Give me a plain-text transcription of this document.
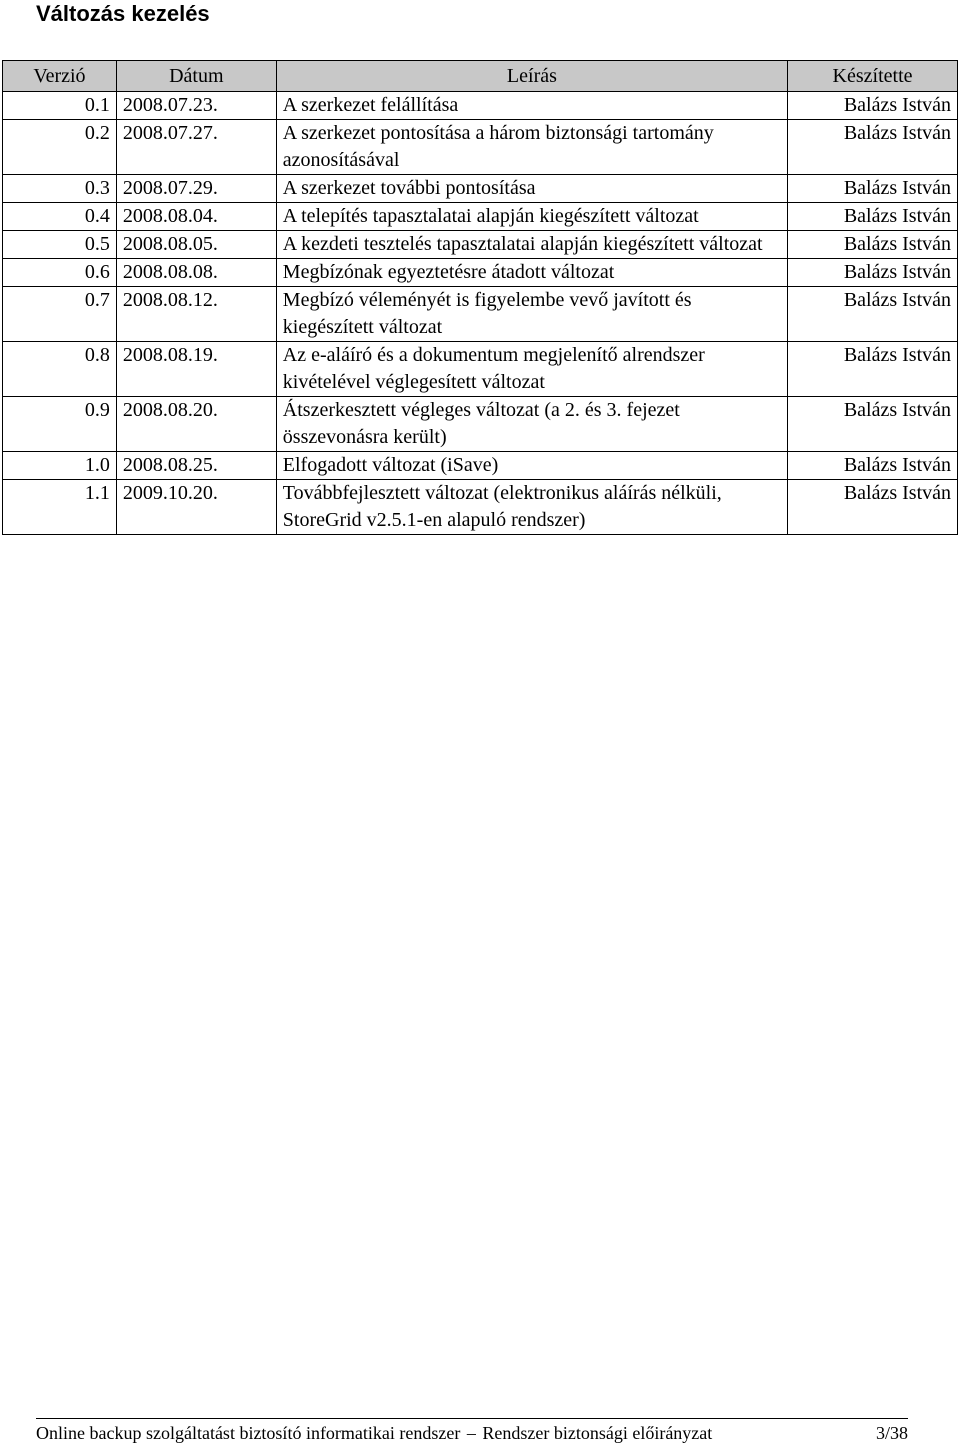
Változás kezelés
Verzió	Dátum	Leírás	Készítette
0.1	2008.07.23.	A szerkezet felállítása	Balázs István
0.2	2008.07.27.	A szerkezet pontosítása a három biztonsági tartomány azonosításával	Balázs István
0.3	2008.07.29.	A szerkezet további pontosítása	Balázs István
0.4	2008.08.04.	A telepítés tapasztalatai alapján kiegészített változat	Balázs István
0.5	2008.08.05.	A kezdeti tesztelés tapasztalatai alapján kiegészített változat	Balázs István
0.6	2008.08.08.	Megbízónak egyeztetésre átadott változat	Balázs István
0.7	2008.08.12.	Megbízó véleményét is figyelembe vevő javított és kiegészített változat	Balázs István
0.8	2008.08.19.	Az e-aláíró és a dokumentum megjelenítő alrendszer kivételével véglegesített változat	Balázs István
0.9	2008.08.20.	Átszerkesztett végleges változat (a 2. és 3. fejezet összevonásra került)	Balázs István
1.0	2008.08.25.	Elfogadott változat (iSave)	Balázs István
1.1	2009.10.20.	Továbbfejlesztett változat (elektronikus aláírás nélküli, StoreGrid v2.5.1-en alapuló rendszer)	Balázs István
Online backup szolgáltatást biztosító informatikai rendszer – Rendszer biztonsági előirányzat	3/38
